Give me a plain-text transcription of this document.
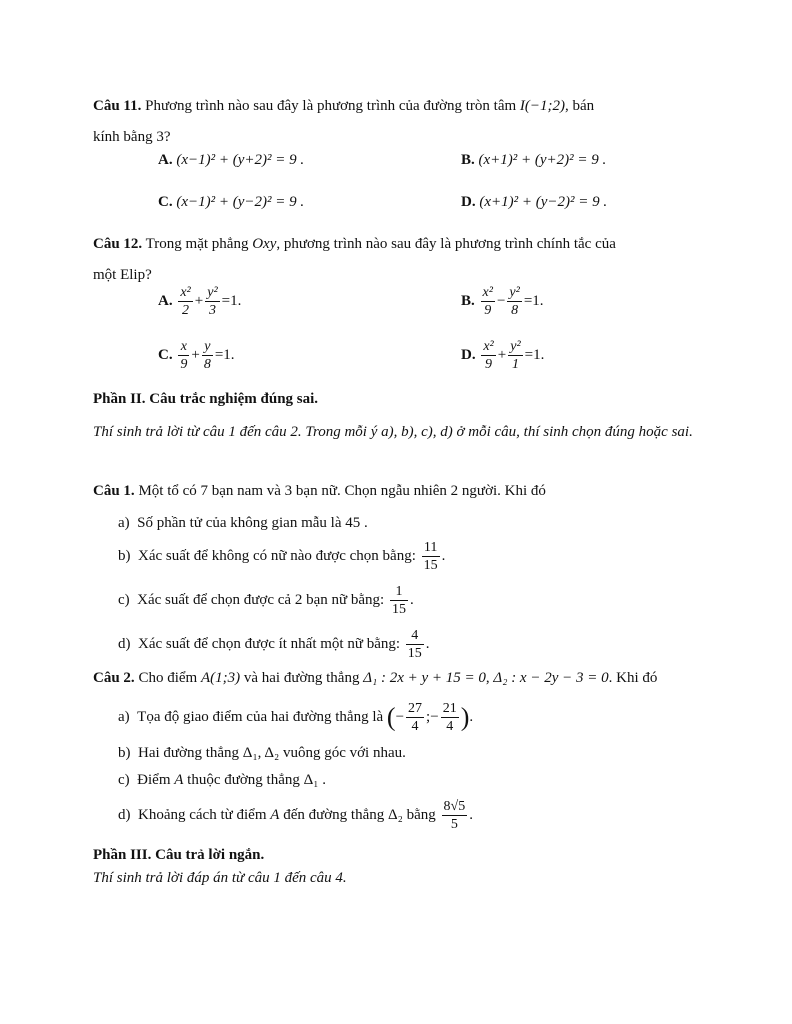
Câu 11. Phương trình nào sau đây là phương trình của đường tròn tâm I(−1;2), bán
kính bằng 3?
A. (x−1)² + (y+2)² = 9 .	B. (x+1)² + (y+2)² = 9 .
C. (x−1)² + (y−2)² = 9 .	D. (x+1)² + (y−2)² = 9 .
Câu 12. Trong mặt phẳng Oxy, phương trình nào sau đây là phương trình chính tắc của
một Elip?
A. $\frac{\text{x²}}{2} + \frac{\text{y²}}{3} =1$.	B. $\frac{\text{x²}}{9} - \frac{\text{y²}}{8} =1$.
C. $\frac{x}{9} + \frac{y}{8} =1$.	D. $\frac{\text{x²}}{9} + \frac{\text{y²}}{1} =1$.
Phần II. Câu trắc nghiệm đúng sai.
Thí sinh trả lời từ câu 1 đến câu 2. Trong mỗi ý a), b), c), d) ở mỗi câu, thí sinh chọn đúng hoặc sai.
Câu 1. Một tổ có 7 bạn nam và 3 bạn nữ. Chọn ngẫu nhiên 2 người. Khi đó
a) Số phần tử của không gian mẫu là 45 .
b) Xác suất để không có nữ nào được chọn bằng: $\frac{11}{15}$ .
c) Xác suất để chọn được cả 2 bạn nữ bằng: $\frac{1}{15}$ .
d) Xác suất để chọn được ít nhất một nữ bằng: $\frac{4}{15}$ .
Câu 2. Cho điểm A(1;3) và hai đường thẳng Δ₁ : 2x + y + 15 = 0, Δ₂ : x − 2y − 3 = 0. Khi đó
a) Tọa độ giao điểm của hai đường thẳng là (− $\frac{27}{4}$ ;− $\frac{21}{4}$ ).
b) Hai đường thẳng Δ₁, Δ₂ vuông góc với nhau.
c) Điểm A thuộc đường thẳng Δ₁ .
d) Khoảng cách từ điểm A đến đường thẳng Δ₂ bằng $\frac{8√5}{5}$ .
Phần III. Câu trả lời ngắn.
Thí sinh trả lời đáp án từ câu 1 đến câu 4.
